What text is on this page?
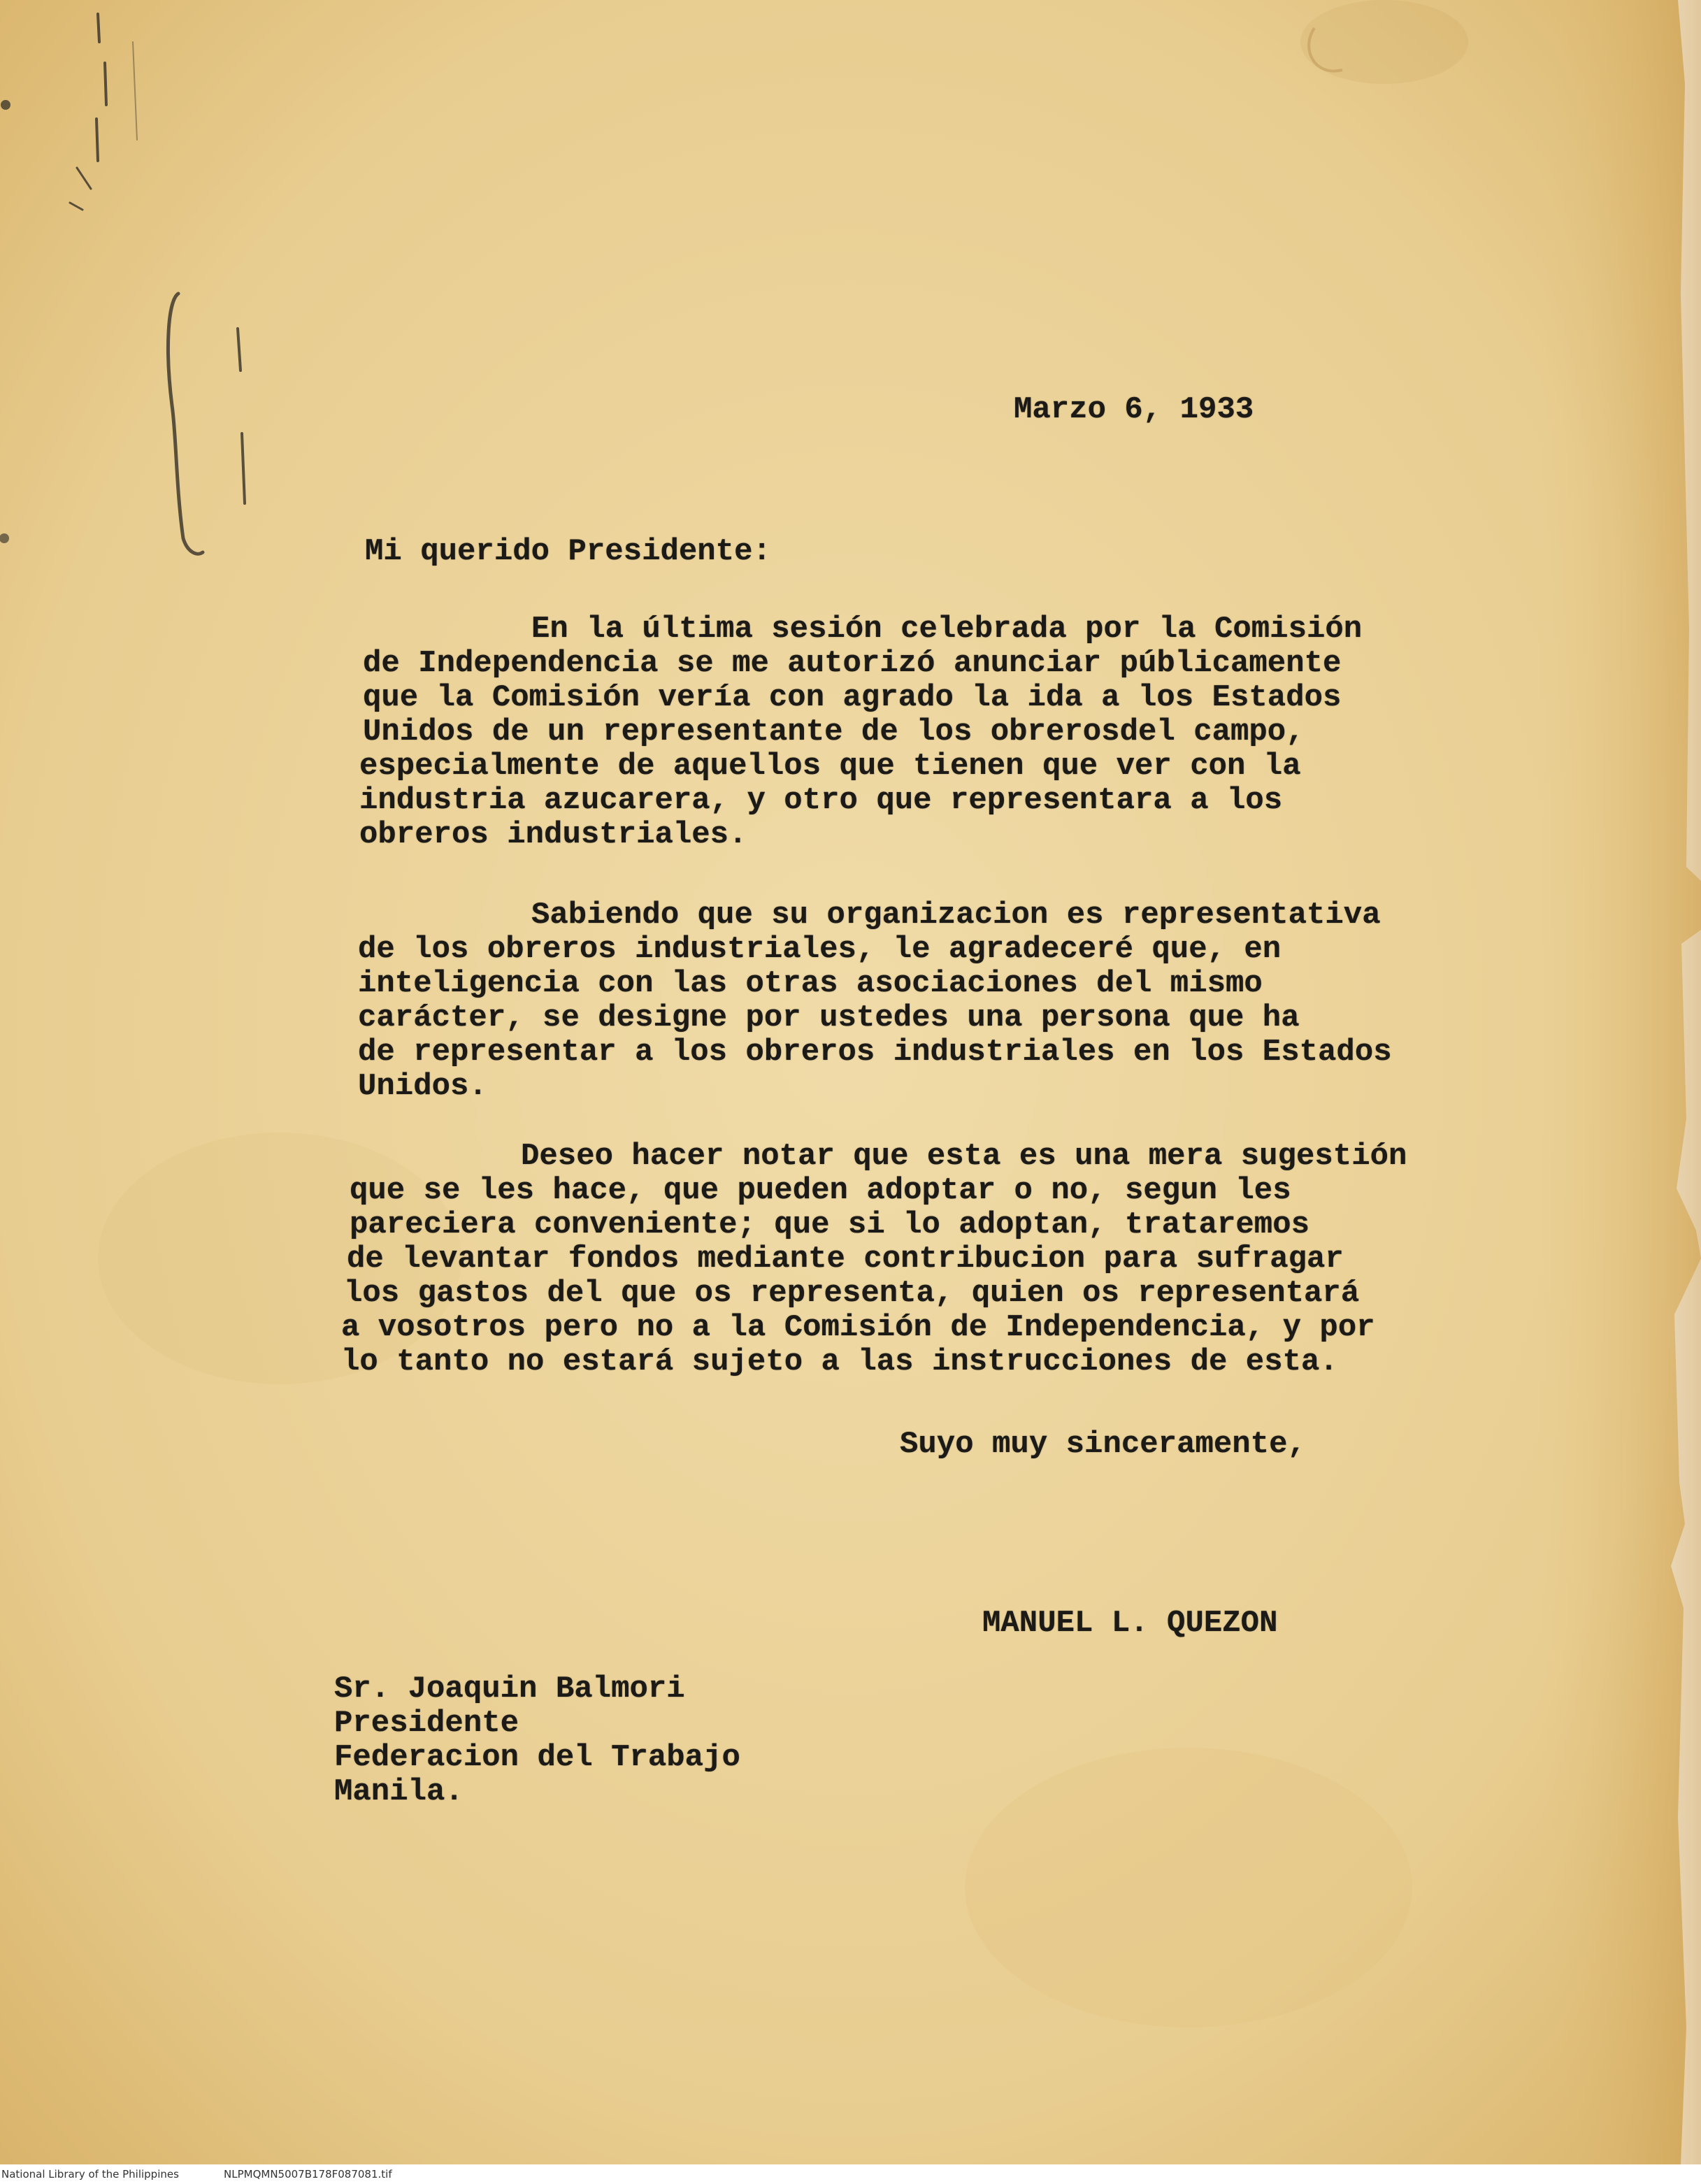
Marzo 6, 1933
Mi querido Presidente:
En la última sesión celebrada por la Comisión
de Independencia se me autorizó anunciar públicamente
que la Comisión vería con agrado la ida a los Estados
Unidos de un representante de los obrerosdel campo,
especialmente de aquellos que tienen que ver con la
industria azucarera, y otro que representara a los
obreros industriales.
Sabiendo que su organizacion es representativa
de los obreros industriales, le agradeceré que, en
inteligencia con las otras asociaciones del mismo
carácter, se designe por ustedes una persona que ha
de representar a los obreros industriales en los Estados
Unidos.
Deseo hacer notar que esta es una mera sugestión
que se les hace, que pueden adoptar o no, segun les
pareciera conveniente; que si lo adoptan, trataremos
de levantar fondos mediante contribucion para sufragar
los gastos del que os representa, quien os representará
a vosotros pero no a la Comisión de Independencia, y por
lo tanto no estará sujeto a las instrucciones de esta.
Suyo muy sinceramente,
MANUEL L. QUEZON
Sr. Joaquin Balmori
Presidente
Federacion del Trabajo
Manila.
National Library of the Philippines	NLPMQMN5007B178F087081.tif
